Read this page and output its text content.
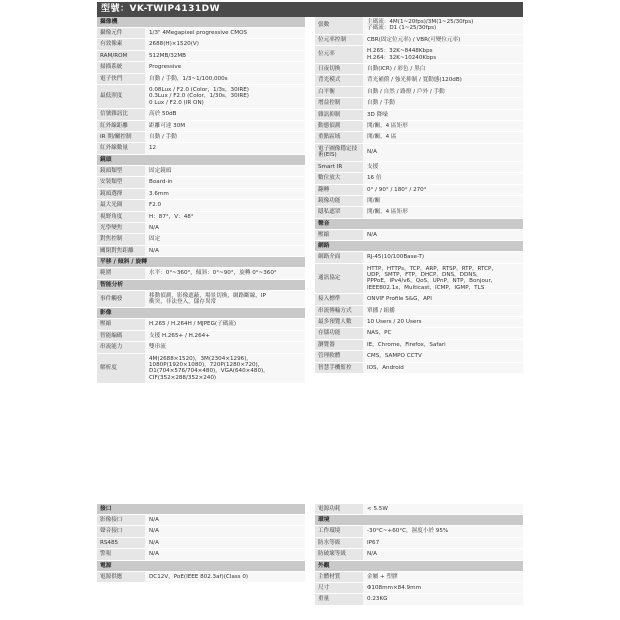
型號：VK-TWIP4131DW
攝像機
攝像元件	1/3" 4Megapixel progressive CMOS
有效像素	2688(H)×1520(V)
RAM/ROM	512MB/32MB
掃描系統	Progressive
電子快門	自動 / 手動，1/3~1/100,000s
最低照度
0.08Lux / F2.0 (Color，1/3s，30IRE)
0.3Lux / F2.0 (Color，1/30s，30IRE)
0 Lux / F2.0 (IR ON)
信號雜訊比	高於 50dB
紅外線距離	距離可達 30M
IR 開/關控制	自動 / 手動
紅外線數量	12
鏡頭
鏡頭類型	固定鏡頭
安裝類型	Board-in
鏡頭選擇	3.6mm
最大光圈	F2.0
視野角度	H：87°，V：48°
光學變焦	N/A
對焦控制	固定
關閉對焦距離	N/A
平移 / 傾斜 / 旋轉
範圍	水平：0°~360°，傾斜：0°~90°，旋轉 0°~360°
智能分析
事件觸發
移動偵測，影像遮蔽，場景切換，網路斷線，IP
衝突，非法登入，儲存異常
影像
壓縮	H.265 / H.264H / MJPEG(子碼流)
智能編碼	支援 H.265+ / H.264+
串流能力	雙串流
解析度
4M(2688×1520)，3M(2304×1296)，
1080P(1920×1080)，720P(1280×720)，
D1(704×576/704×480)，VGA(640×480)，
CIF(352×288/352×240)
張數
主碼流：4M(1~20fps)/3M(1~25/30fps)
子碼流：D1 (1~25/30fps)
位元率控制	CBR(固定位元率) / VBR(可變位元率)
位元率
H.265：32K~8448Kbps
H.264：32K~10240Kbps
日夜切換	自動(ICR) / 彩色 / 黑白
背光模式	背光補償 / 強光抑制 / 寬動態(120dB)
白平衡	自動 / 自然 / 路燈 / 戶外 / 手動
增益控制	自動 / 手動
雜訊抑制	3D 降噪
動態偵測	開/關，4 區矩形
重點區域	開/關，4 區
電子圖像穩定技術(EIS)
N/A
Smart IR	支援
數位放大	16 倍
翻轉	0° / 90° / 180° / 270°
鏡像功能	開/關
隱私遮罩	開/關，4 區矩形
聲音
壓縮	N/A
網路
網路介面	RJ-45(10/100Base-T)
通訊協定
HTTP，HTTPs，TCP，ARP，RTSP，RTP，RTCP，
UDP，SMTP，FTP，DHCP，DNS，DDNS，
PPPoE，IPv4/v6，QoS，UPnP，NTP，Bonjour，
IEEE802.1x，Multicast，ICMP，IGMP，TLS
接入標準	ONVIF Profile S&G，API
串流傳輸方式	單播 / 組播
最多預覽人數	10 Users / 20 Users
存儲功能	NAS，PC
瀏覽器	IE，Chrome，Firefox，Safari
管理軟體	CMS，SAMPO CCTV
智慧手機監控	IOS，Android
接口
影像接口	N/A
聲音接口	N/A
RS485	N/A
警報	N/A
電源
電源供應	DC12V，PoE(IEEE 802.3af)(Class 0)
電源功耗	< 5.5W
環境
工作環境	-30°C~+60°C，濕度小於 95%
防水等級	IP67
防破壞等級	N/A
外觀
主體材質	金屬 + 塑膠
尺寸	Φ108mm×84.9mm
重量	0.23KG
